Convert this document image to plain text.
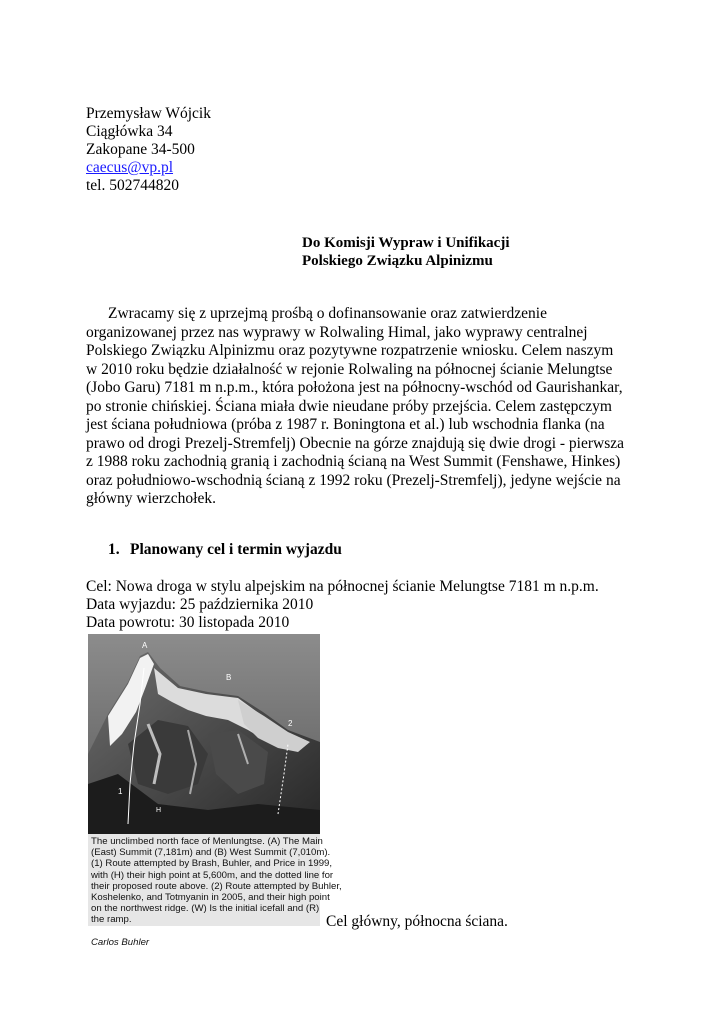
Przemysław Wójcik
Ciągłówka 34
Zakopane 34-500
caecus@vp.pl
tel. 502744820
Do Komisji Wypraw i Unifikacji
Polskiego Związku Alpinizmu
Zwracamy się z uprzejmą prośbą o dofinansowanie oraz zatwierdzenie
organizowanej przez nas wyprawy w Rolwaling Himal, jako wyprawy centralnej
Polskiego Związku Alpinizmu oraz pozytywne rozpatrzenie wniosku. Celem naszym
w 2010 roku będzie działalność w rejonie Rolwaling na północnej ścianie Melungtse
(Jobo Garu) 7181 m n.p.m., która położona jest na północny-wschód od Gaurishankar,
po stronie chińskiej. Ściana miała dwie nieudane próby przejścia. Celem zastępczym
jest ściana południowa (próba z 1987 r. Boningtona et al.) lub wschodnia flanka (na
prawo od drogi Prezelj-Stremfelj) Obecnie na górze znajdują się dwie drogi - pierwsza
z 1988 roku zachodnią granią i zachodnią ścianą na West Summit (Fenshawe, Hinkes)
oraz południowo-wschodnią ścianą z 1992 roku (Prezelj-Stremfelj), jedyne wejście na
główny wierzchołek.
1. Planowany cel i termin wyjazdu
Cel: Nowa droga w stylu alpejskim na północnej ścianie Melungtse 7181 m n.p.m.
Data wyjazdu: 25 października 2010
Data powrotu: 30 listopada 2010
A
B
1
2
H
The unclimbed north face of Menlungtse. (A) The Main
(East) Summit (7,181m) and (B) West Summit (7,010m).
(1) Route attempted by Brash, Buhler, and Price in 1999,
with (H) their high point at 5,600m, and the dotted line for
their proposed route above. (2) Route attempted by Buhler,
Koshelenko, and Totmyanin in 2005, and their high point
on the northwest ridge. (W) Is the initial icefall and (R)
the ramp.

Carlos Buhler
Cel główny, północna ściana.
